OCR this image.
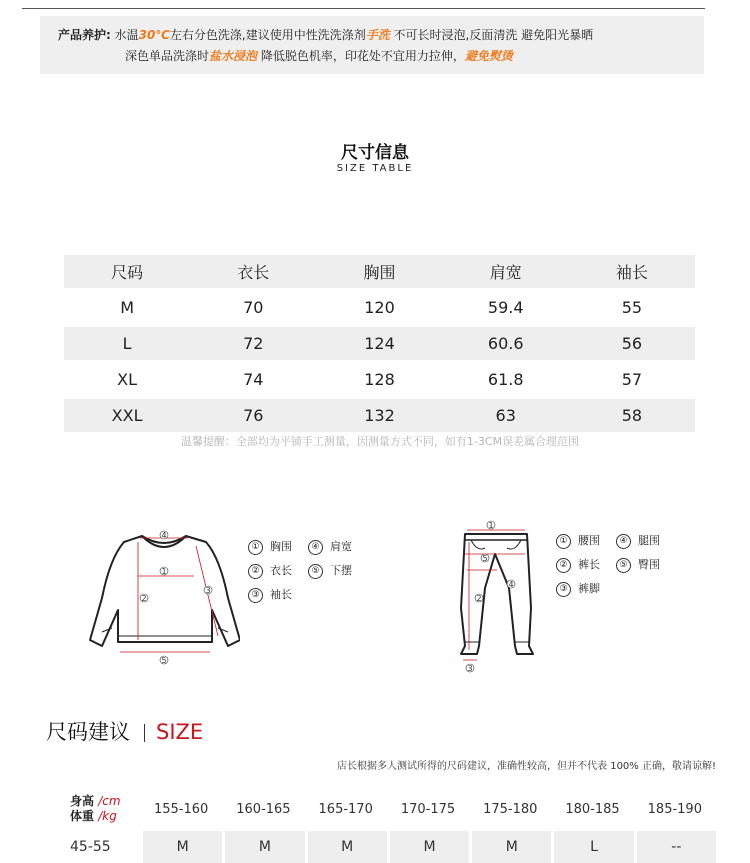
产品养护: 水温30℃左右分色洗涤,建议使用中性洗洗涤剂手洗 不可长时浸泡,反面清洗 避免阳光暴晒
深色单品洗涤时盐水浸泡 降低脱色机率，印花处不宜用力拉伸，避免熨烫
尺寸信息
SIZE TABLE
尺码	衣长	胸围	肩宽	袖长
M	70	120	59.4	55
L	72	124	60.6	56
XL	74	128	61.8	57
XXL	76	132	63	58
温馨提醒：全部均为平铺手工测量，因测量方式不同，如有1-3CM误差属合理范围
4
1
2
3
5
① 胸围	④ 肩宽
② 衣长	⑤ 下摆
③ 袖长
1
5
4
2
3
① 腰围	④ 腿围
② 裤长	⑤ 臀围
③ 裤脚
尺码建议 SIZE
店长根据多人测试所得的尺码建议，准确性较高，但并不代表 100% 正确，敬请谅解!
身高 /cm
体重 /kg	155-160	160-165	165-170	170-175	175-180	180-185	185-190
45-55	M	M	M	M	M	L	--
